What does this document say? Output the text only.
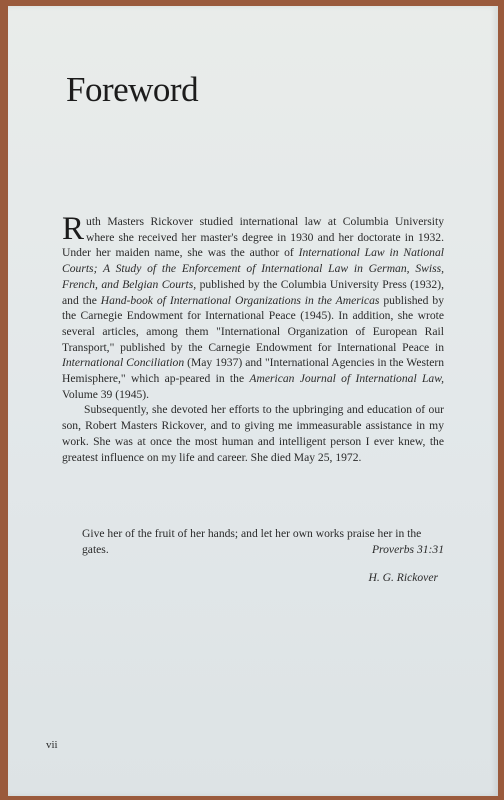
Foreword

Ruth Masters Rickover studied international law at Columbia University where she received her master's degree in 1930 and her doctorate in 1932. Under her maiden name, she was the author of International Law in National Courts; A Study of the Enforcement of International Law in German, Swiss, French, and Belgian Courts, published by the Columbia University Press (1932), and the Hand-book of International Organizations in the Americas published by the Carnegie Endowment for International Peace (1945). In addition, she wrote several articles, among them "International Organization of European Rail Transport," published by the Carnegie Endowment for International Peace in International Conciliation (May 1937) and "International Agencies in the Western Hemisphere," which ap-peared in the American Journal of International Law, Volume 39 (1945).

Subsequently, she devoted her efforts to the upbringing and education of our son, Robert Masters Rickover, and to giving me immeasurable assistance in my work. She was at once the most human and intelligent person I ever knew, the greatest influence on my life and career. She died May 25, 1972.

Give her of the fruit of her hands; and let her own works praise her in the gates.	Proverbs 31:31
H. G. Rickover
vii
